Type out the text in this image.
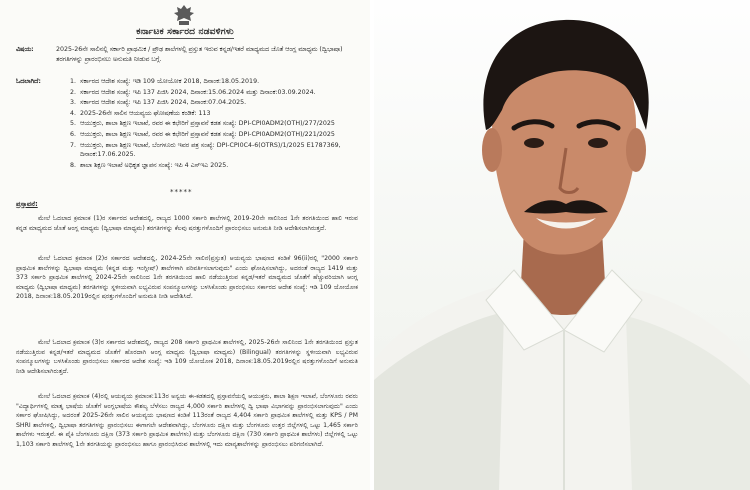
ಕರ್ನಾಟಕ ಸರ್ಕಾರದ ನಡವಳಿಗಳು
ವಿಷಯ:	2025-26ನೇ ಸಾಲಿನಲ್ಲಿ ಸರ್ಕಾರಿ ಪ್ರಾಥಮಿಕ / ಪ್ರೌಢ ಶಾಲೆಗಳಲ್ಲಿ ಪ್ರಸ್ತುತ ಇರುವ ಕನ್ನಡ/ಇತರೆ ಮಾಧ್ಯಮದ ಜೊತೆ ಆಂಗ್ಲ ಮಾಧ್ಯಮ (ದ್ವಿಭಾಷಾ) ತರಗತಿಗಳನ್ನು ಪ್ರಾರಂಭಿಸಲು ಅನುಮತಿ ನೀಡುವ ಬಗ್ಗೆ.
ಓದಲಾಗಿದೆ:	1. ಸರ್ಕಾರದ ಆದೇಶ ಸಂಖ್ಯೆ: ಇಡಿ 109 ಯೋಯೋಕ 2018, ದಿನಾಂಕ:18.05.2019.
2. ಸರ್ಕಾರದ ಆದೇಶ ಸಂಖ್ಯೆ: ಇಪಿ 137 ಪಿಜಿಸಿ 2024, ದಿನಾಂಕ:15.06.2024 ಮತ್ತು ದಿನಾಂಕ:03.09.2024.
3. ಸರ್ಕಾರದ ಆದೇಶ ಸಂಖ್ಯೆ: ಇಪಿ 137 ಪಿಜಿಸಿ 2024, ದಿನಾಂಕ:07.04.2025.
4. 2025-26ನೇ ಸಾಲಿನ ಆಯವ್ಯಯ ಘೋಷಣೆಯ ಕಂಡಿಕೆ: 113
5. ಆಯುಕ್ತರು, ಶಾಲಾ ಶಿಕ್ಷಣ ಇಲಾಖೆ, ರವರ ಈ ಕಛೇರಿಗೆ ಪ್ರಸ್ತಾವನೆ ಕಡತ ಸಂಖ್ಯೆ: DPI-CPI0ADM2(OTH)/277/2025
6. ಆಯುಕ್ತರು, ಶಾಲಾ ಶಿಕ್ಷಣ ಇಲಾಖೆ, ರವರ ಈ ಕಛೇರಿಗೆ ಪ್ರಸ್ತಾವನೆ ಕಡತ ಸಂಖ್ಯೆ: DPI-CPI0ADM2(OTH)/221/2025
7. ಆಯುಕ್ತರು, ಶಾಲಾ ಶಿಕ್ಷಣ ಇಲಾಖೆ, ಬೆಂಗಳೂರು ಇವರ ಪತ್ರ ಸಂಖ್ಯೆ: DPI-CPI0C4-6(OTRS)/1/2025 E1787369, ದಿನಾಂಕ:17.06.2025.
8. ಶಾಲಾ ಶಿಕ್ಷಣ ಇಲಾಖೆ ಅಧಿಕೃತ ಜ್ಞಾಪನ ಸಂಖ್ಯೆ: ಇಪಿ 4 ಎಸ್‌ಇಎ 2025.
*****
ಪ್ರಸ್ತಾವನೆ:

ಮೇಲೆ ಓದಲಾದ ಕ್ರಮಾಂಕ (1)ರ ಸರ್ಕಾರದ ಆದೇಶದಲ್ಲಿ, ರಾಜ್ಯದ 1000 ಸರ್ಕಾರಿ ಶಾಲೆಗಳಲ್ಲಿ 2019-20ನೇ ಸಾಲಿನಿಂದ 1ನೇ ತರಗತಿಯಿಂದ ಹಾಲಿ ಇರುವ ಕನ್ನಡ ಮಾಧ್ಯಮದ ಜೊತೆ ಆಂಗ್ಲ ಮಾಧ್ಯಮ (ದ್ವಿಭಾಷಾ ಮಾಧ್ಯಮ) ತರಗತಿಗಳನ್ನು ಕೆಲವು ಷರತ್ತುಗಳೊಂದಿಗೆ ಪ್ರಾರಂಭಿಸಲು ಅನುಮತಿ ನೀಡಿ ಆದೇಶಿಸಲಾಗಿರುತ್ತದೆ.

ಮೇಲೆ ಓದಲಾದ ಕ್ರಮಾಂಕ (2)ರ ಸರ್ಕಾರದ ಆದೇಶದಲ್ಲಿ, 2024-25ನೇ ಸಾಲಿನ(ಪ್ರಸ್ತುತ) ಆಯವ್ಯಯ ಭಾಷಣದ ಕಂಡಿಕೆ 96(ii)ರಲ್ಲಿ "2000 ಸರ್ಕಾರಿ ಪ್ರಾಥಮಿಕ ಶಾಲೆಗಳನ್ನು ದ್ವಿಭಾಷಾ ಮಾಧ್ಯಮ (ಕನ್ನಡ ಮತ್ತು ಇಂಗ್ಲೀಷ್) ಶಾಲೆಗಳಾಗಿ ಪರಿವರ್ತಿಸಲಾಗುವುದು" ಎಂದು ಘೋಷಿಸಲಾಗಿದ್ದು, ಅದರಂತೆ ರಾಜ್ಯದ 1419 ಮತ್ತು 373 ಸರ್ಕಾರಿ ಪ್ರಾಥಮಿಕ ಶಾಲೆಗಳಲ್ಲಿ 2024-25ನೇ ಸಾಲಿನಿಂದ 1ನೇ ತರಗತಿಯಿಂದ ಹಾಲಿ ನಡೆಯುತ್ತಿರುವ ಕನ್ನಡ/ಇತರೆ ಮಾಧ್ಯಮದ ಜೊತೆಗೆ ಹೆಚ್ಚುವರಿಯಾಗಿ ಆಂಗ್ಲ ಮಾಧ್ಯಮ (ದ್ವಿಭಾಷಾ ಮಾಧ್ಯಮ) ತರಗತಿಗಳನ್ನು ಸ್ಥಳೀಯವಾಗಿ ಲಭ್ಯವಿರುವ ಸಂಪನ್ಮೂಲಗಳನ್ನು ಬಳಸಿಕೊಂಡು ಪ್ರಾರಂಭಿಸಲು ಸರ್ಕಾರದ ಆದೇಶ ಸಂಖ್ಯೆ: ಇಡಿ 109 ಯೋಯೋಕ 2018, ದಿನಾಂಕ:18.05.2019ರಲ್ಲಿನ ಷರತ್ತುಗಳೊಂದಿಗೆ ಅನುಮತಿ ನೀಡಿ ಆದೇಶಿಸಿದೆ.

ಮೇಲೆ ಓದಲಾದ ಕ್ರಮಾಂಕ (3)ರ ಸರ್ಕಾರದ ಆದೇಶದಲ್ಲಿ, ರಾಜ್ಯದ 208 ಸರ್ಕಾರಿ ಪ್ರಾಥಮಿಕ ಶಾಲೆಗಳಲ್ಲಿ, 2025-26ನೇ ಸಾಲಿನಿಂದ 1ನೇ ತರಗತಿಯಿಂದ ಪ್ರಸ್ತುತ ನಡೆಯುತ್ತಿರುವ ಕನ್ನಡ/ಇತರೆ ಮಾಧ್ಯಮದ ಜೊತೆಗೆ ಹೊರದಾಗಿ ಆಂಗ್ಲ ಮಾಧ್ಯಮ (ದ್ವಿಭಾಷಾ ಮಾಧ್ಯಮ) (Bilingual) ತರಗತಿಗಳನ್ನು ಸ್ಥಳೀಯವಾಗಿ ಲಭ್ಯವಿರುವ ಸಂಪನ್ಮೂಲಗಳನ್ನು ಬಳಸಿಕೊಂಡು ಪ್ರಾರಂಭಿಸಲು ಸರ್ಕಾರದ ಆದೇಶ ಸಂಖ್ಯೆ: ಇಡಿ 109 ಯೋಯೋಕ 2018, ದಿನಾಂಕ:18.05.2019ರಲ್ಲಿನ ಷರತ್ತುಗಳೊಂದಿಗೆ ಅನುಮತಿ ನೀಡಿ ಆದೇಶಿಸಲಾಗಿರುತ್ತದೆ.

ಮೇಲೆ ಓದಲಾದ ಕ್ರಮಾಂಕ (4)ರಲ್ಲಿ ಆಯವ್ಯಯ ಕ್ರಮಾಂಕ:113ರ ಅನ್ವಯ ಈ-ಕಡತದಲ್ಲಿ ಪ್ರಸ್ತಾವನೆಯಲ್ಲಿ ಆಯುಕ್ತರು, ಶಾಲಾ ಶಿಕ್ಷಣ ಇಲಾಖೆ, ಬೆಂಗಳೂರು ರವರು "ವಿದ್ಯಾರ್ಥಿಗಳಲ್ಲಿ ಮಾತೃ ಭಾಷೆಯ ಜೊತೆಗೆ ಆಂಗ್ಲಭಾಷೆಯ ಕೌಶಲ್ಯ ಬೆಳೆಸಲು ರಾಜ್ಯದ 4,000 ಸರ್ಕಾರಿ ಶಾಲೆಗಳಲ್ಲಿ ದ್ವಿ ಭಾಷಾ ವಿಭಾಗವನ್ನು ಪ್ರಾರಂಭಿಸಲಾಗುವುದು" ಎಂದು ಸರ್ಕಾರ ಘೋಷಿಸಿದ್ದು, ಅದರಂತೆ 2025-26ನೇ ಸಾಲಿನ ಆಯವ್ಯಯ ಭಾಷಣದ ಕಂಡಿಕೆ 113ರಂತೆ ರಾಜ್ಯದ 4,404 ಸರ್ಕಾರಿ ಪ್ರಾಥಮಿಕ ಶಾಲೆಗಳಲ್ಲಿ ಮತ್ತು KPS / PM SHRI ಶಾಲೆಗಳಲ್ಲಿ, ದ್ವಿಭಾಷಾ ತರಗತಿಗಳನ್ನು ಪ್ರಾರಂಭಿಸಲು ಈಗಾಗಲೇ ಆದೇಶವಾಗಿದ್ದು, ಬೆಂಗಳೂರು ದಕ್ಷಿಣ ಮತ್ತು ಬೆಂಗಳೂರು ಉತ್ತರ ಜಿಲ್ಲೆಗಳಲ್ಲಿ ಒಟ್ಟು 1,465 ಸರ್ಕಾರಿ ಶಾಲೆಗಳು ಇರುತ್ತವೆ. ಈ ಪೈಕಿ ಬೆಂಗಳೂರು ದಕ್ಷಿಣ (373 ಸರ್ಕಾರಿ ಪ್ರಾಥಮಿಕ ಶಾಲೆಗಳು) ಮತ್ತು ಬೆಂಗಳೂರು ದಕ್ಷಿಣ (730 ಸರ್ಕಾರಿ ಪ್ರಾಥಮಿಕ ಶಾಲೆಗಳು) ಜಿಲ್ಲೆಗಳಲ್ಲಿ ಒಟ್ಟು 1,103 ಸರ್ಕಾರಿ ಶಾಲೆಗಳಲ್ಲಿ 1ನೇ ತರಗತಿಯನ್ನು ಪ್ರಾರಂಭಿಸಲು ಹಾಗೂ ಪ್ರಾರಂಭಿಸಿರುವ ಶಾಲೆಗಳಲ್ಲಿ ಇದು ಮಾನ್ಯಶಾಲೆಗಳನ್ನು ಪ್ರಾರಂಭಿಸಲು ಪರಿಗಣಿಸಲಾಗಿದೆ.
